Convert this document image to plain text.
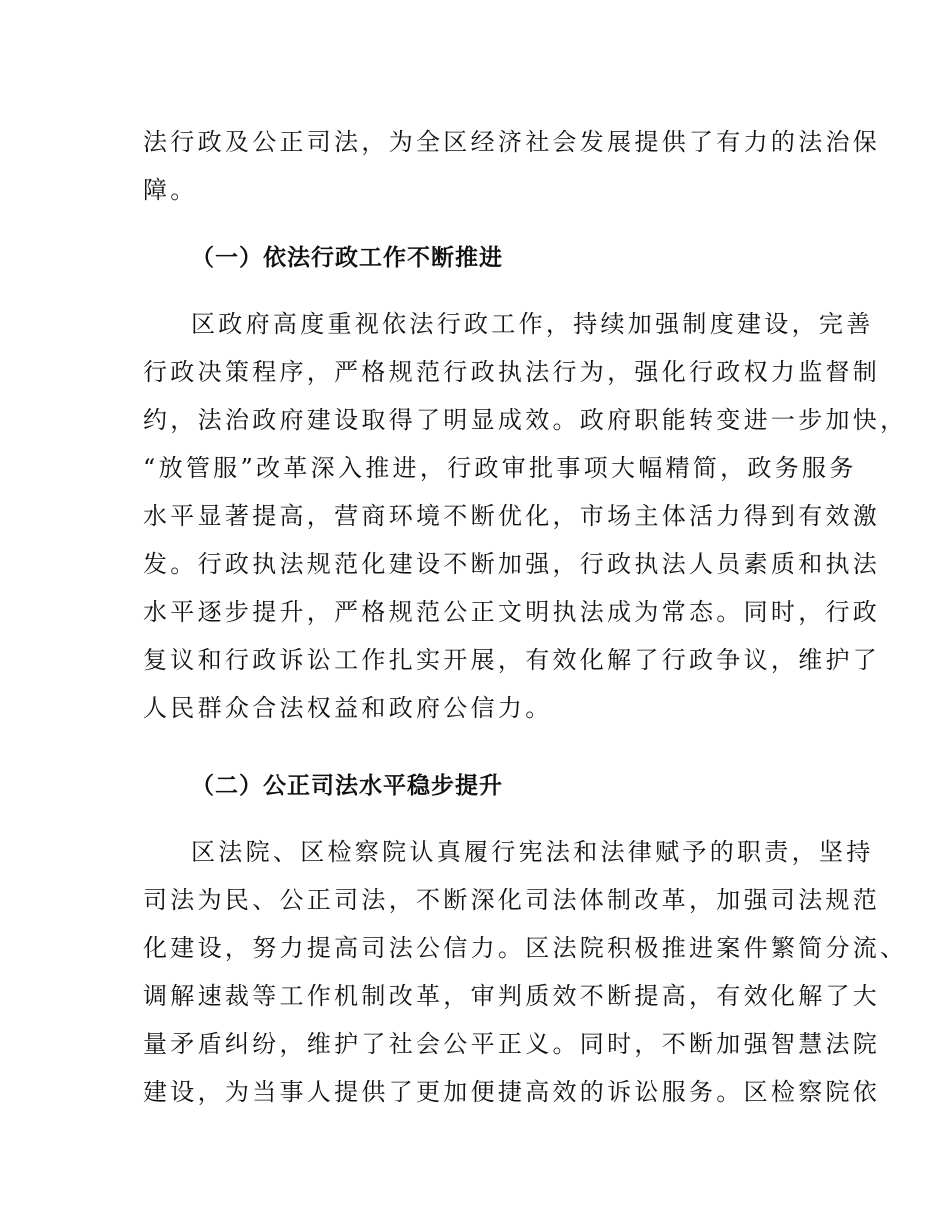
法行政及公正司法，为全区经济社会发展提供了有力的法治保
障。
（一）依法行政工作不断推进
区政府高度重视依法行政工作，持续加强制度建设，完善
行政决策程序，严格规范行政执法行为，强化行政权力监督制
约，法治政府建设取得了明显成效。政府职能转变进一步加快，
“放管服”改革深入推进，行政审批事项大幅精简，政务服务
水平显著提高，营商环境不断优化，市场主体活力得到有效激
发。行政执法规范化建设不断加强，行政执法人员素质和执法
水平逐步提升，严格规范公正文明执法成为常态。同时，行政
复议和行政诉讼工作扎实开展，有效化解了行政争议，维护了
人民群众合法权益和政府公信力。
（二）公正司法水平稳步提升
区法院、区检察院认真履行宪法和法律赋予的职责，坚持
司法为民、公正司法，不断深化司法体制改革，加强司法规范
化建设，努力提高司法公信力。区法院积极推进案件繁简分流、
调解速裁等工作机制改革，审判质效不断提高，有效化解了大
量矛盾纠纷，维护了社会公平正义。同时，不断加强智慧法院
建设，为当事人提供了更加便捷高效的诉讼服务。区检察院依
